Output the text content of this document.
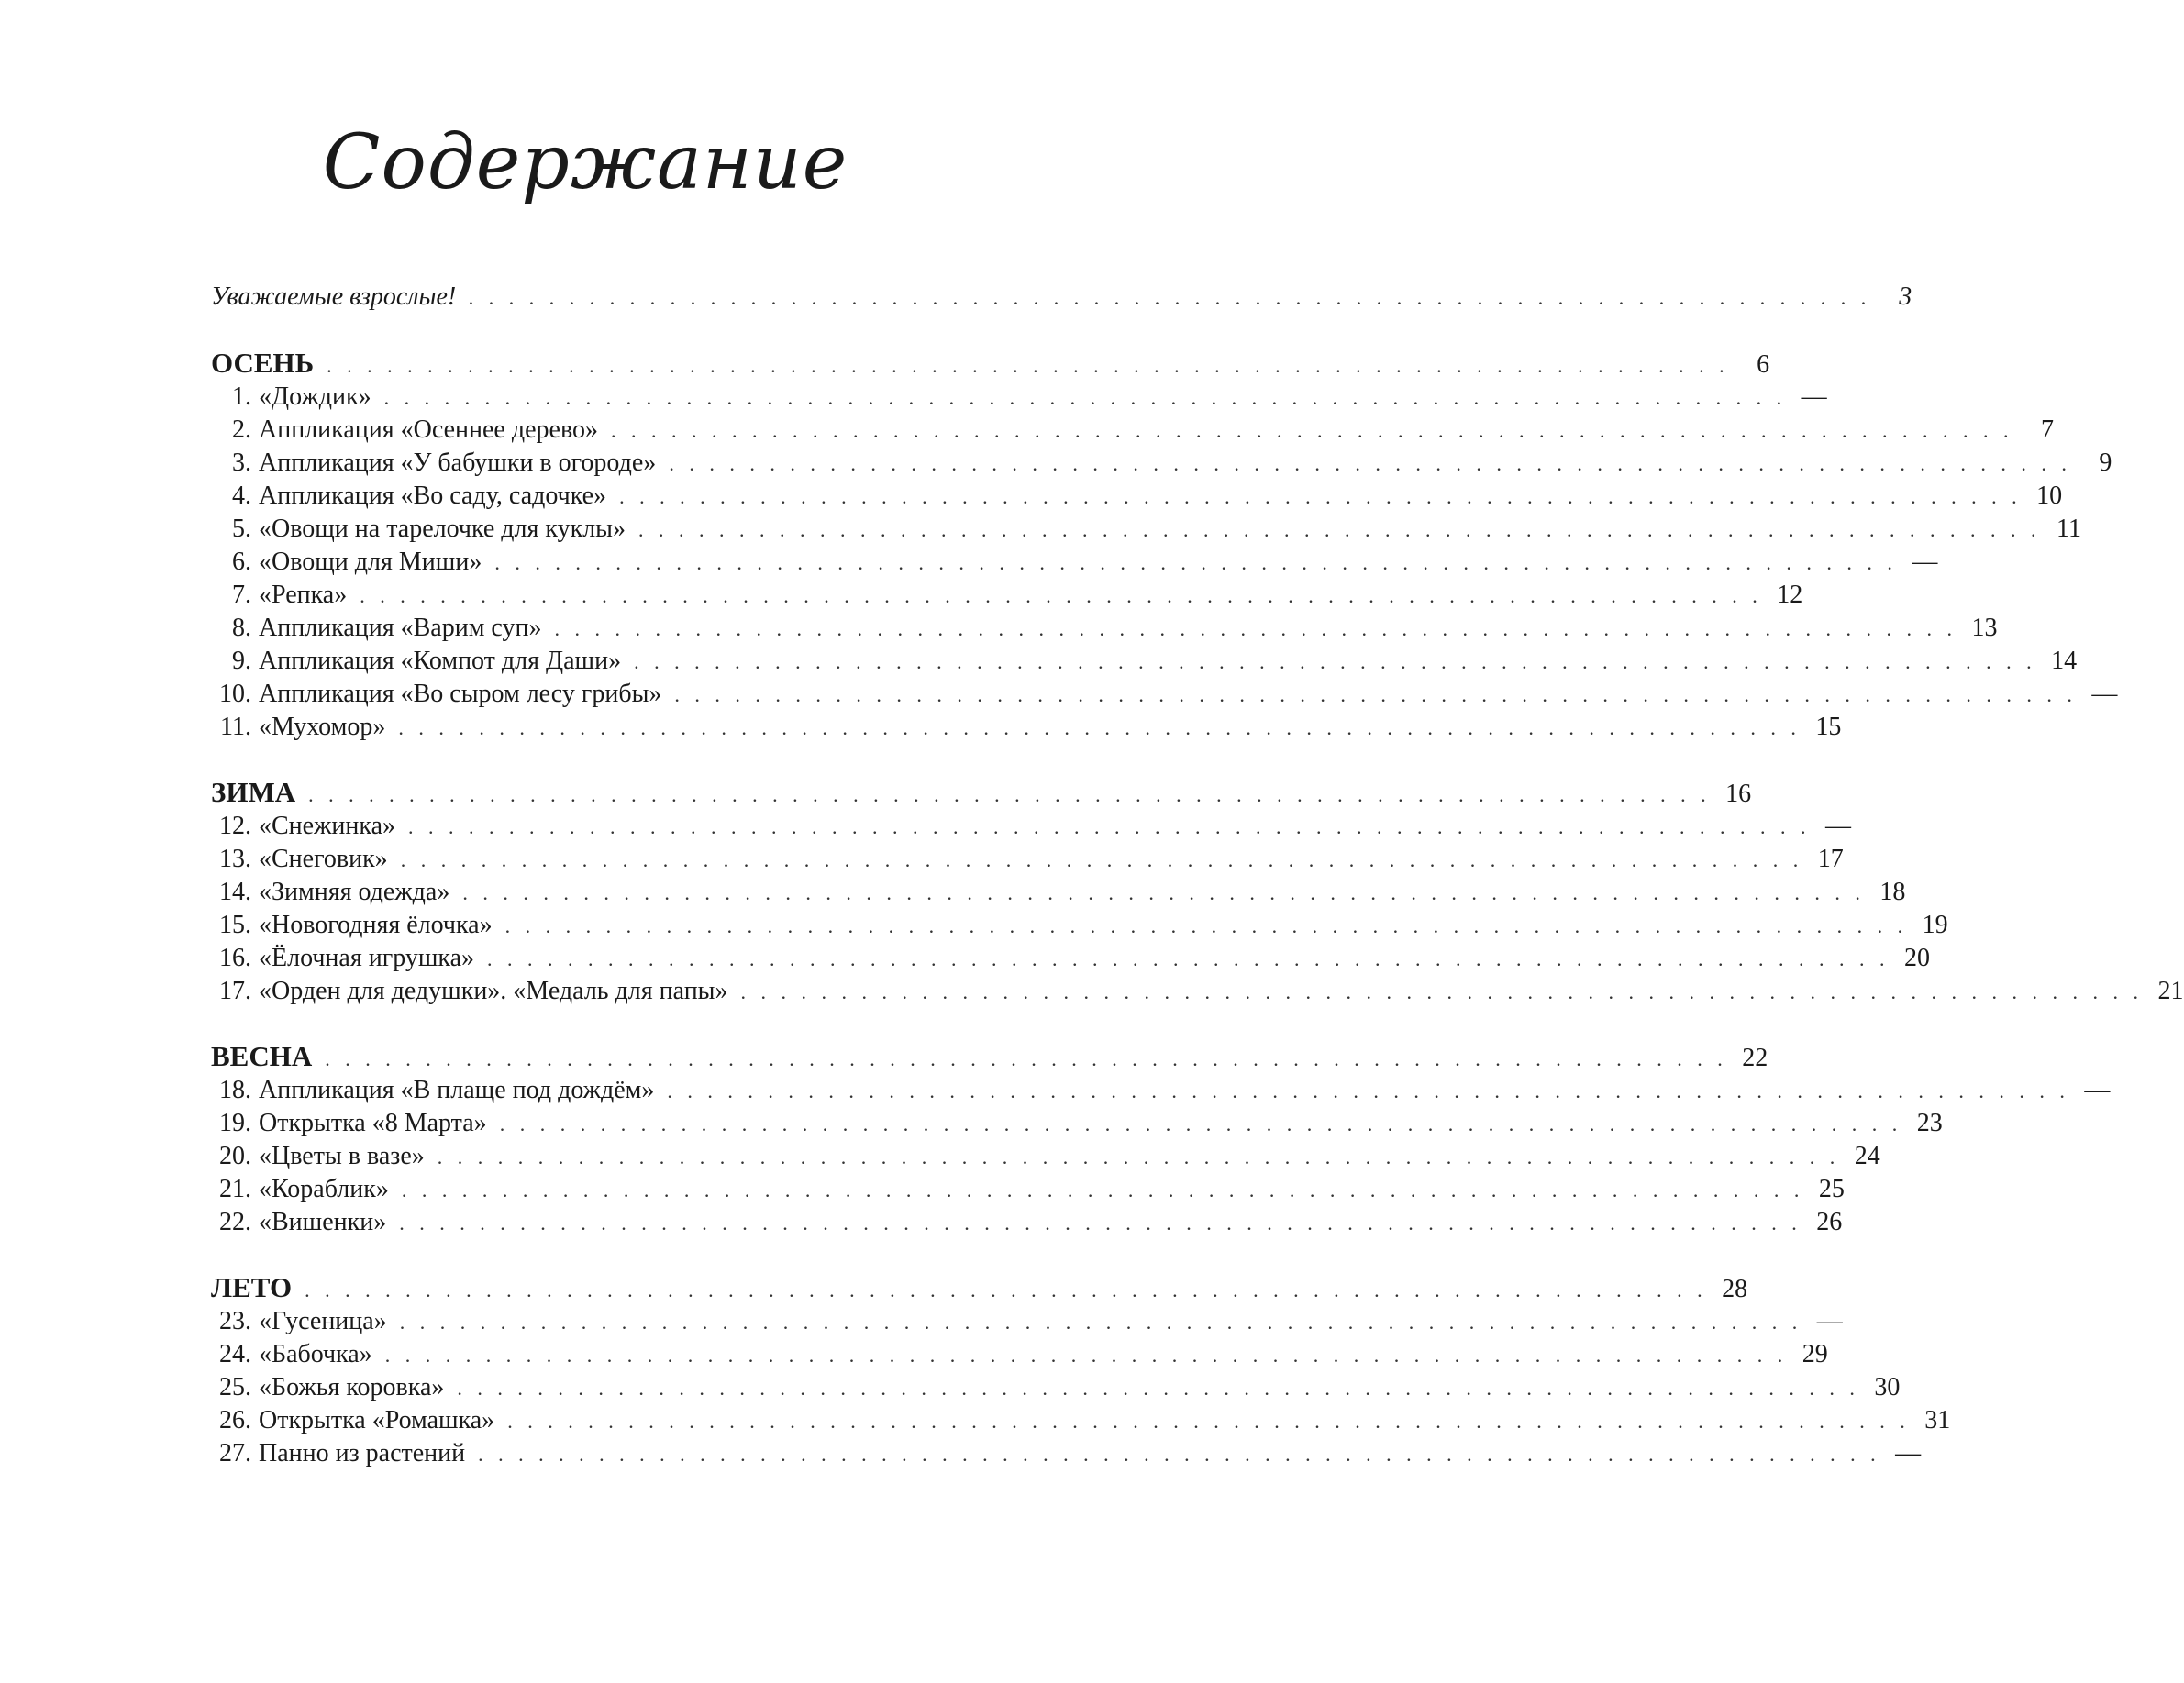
Содержание
Уважаемые взрослые! . . . . . . . . . . . . . . . . . . . . . . . . . . . . . . . . . . . . . . . . . . . . . . . . . . . . . . . . . . . . . . . . . . . . . .	3
ОСЕНЬ . . . . . . . . . . . . . . . . . . . . . . . . . . . . . . . . . . . . . . . . . . . . . . . . . . . . . . . . . . . . . . . . . . . . . .	6
1. «Дождик» . . . . . . . . . . . . . . . . . . . . . . . . . . . . . . . . . . . . . . . . . . . . . . . . . . . . . . . . . . . . . . . . . . . . . . —
2. Аппликация «Осеннее дерево» . . . . . . . . . . . . . . . . . . . . . . . . . . . . . . . . . . . . . . . . . . . . . . . . . . . . . . . . . . . . . . . . . . . . . .	7
3. Аппликация «У бабушки в огороде» . . . . . . . . . . . . . . . . . . . . . . . . . . . . . . . . . . . . . . . . . . . . . . . . . . . . . . . . . . . . . . . . . . . . . .	9
4. Аппликация «Во саду, садочке» . . . . . . . . . . . . . . . . . . . . . . . . . . . . . . . . . . . . . . . . . . . . . . . . . . . . . . . . . . . . . . . . . . . . . . 10
5. «Овощи на тарелочке для куклы» . . . . . . . . . . . . . . . . . . . . . . . . . . . . . . . . . . . . . . . . . . . . . . . . . . . . . . . . . . . . . . . . . . . . . . 11
6. «Овощи для Миши» . . . . . . . . . . . . . . . . . . . . . . . . . . . . . . . . . . . . . . . . . . . . . . . . . . . . . . . . . . . . . . . . . . . . . . —
7. «Репка» . . . . . . . . . . . . . . . . . . . . . . . . . . . . . . . . . . . . . . . . . . . . . . . . . . . . . . . . . . . . . . . . . . . . . . 12
8. Аппликация «Варим суп» . . . . . . . . . . . . . . . . . . . . . . . . . . . . . . . . . . . . . . . . . . . . . . . . . . . . . . . . . . . . . . . . . . . . . . 13
9. Аппликация «Компот для Даши» . . . . . . . . . . . . . . . . . . . . . . . . . . . . . . . . . . . . . . . . . . . . . . . . . . . . . . . . . . . . . . . . . . . . . . 14
10. Аппликация «Во сыром лесу грибы» . . . . . . . . . . . . . . . . . . . . . . . . . . . . . . . . . . . . . . . . . . . . . . . . . . . . . . . . . . . . . . . . . . . . . . —
11. «Мухомор» . . . . . . . . . . . . . . . . . . . . . . . . . . . . . . . . . . . . . . . . . . . . . . . . . . . . . . . . . . . . . . . . . . . . . . 15
ЗИМА . . . . . . . . . . . . . . . . . . . . . . . . . . . . . . . . . . . . . . . . . . . . . . . . . . . . . . . . . . . . . . . . . . . . . . 16
12. «Снежинка» . . . . . . . . . . . . . . . . . . . . . . . . . . . . . . . . . . . . . . . . . . . . . . . . . . . . . . . . . . . . . . . . . . . . . . —
13. «Снеговик» . . . . . . . . . . . . . . . . . . . . . . . . . . . . . . . . . . . . . . . . . . . . . . . . . . . . . . . . . . . . . . . . . . . . . . 17
14. «Зимняя одежда» . . . . . . . . . . . . . . . . . . . . . . . . . . . . . . . . . . . . . . . . . . . . . . . . . . . . . . . . . . . . . . . . . . . . . . 18
15. «Новогодняя ёлочка» . . . . . . . . . . . . . . . . . . . . . . . . . . . . . . . . . . . . . . . . . . . . . . . . . . . . . . . . . . . . . . . . . . . . . . 19
16. «Ёлочная игрушка» . . . . . . . . . . . . . . . . . . . . . . . . . . . . . . . . . . . . . . . . . . . . . . . . . . . . . . . . . . . . . . . . . . . . . . 20
17. «Орден для дедушки». «Медаль для папы» . . . . . . . . . . . . . . . . . . . . . . . . . . . . . . . . . . . . . . . . . . . . . . . . . . . . . . . . . . . . . . . . . . . . . . 21
ВЕСНА . . . . . . . . . . . . . . . . . . . . . . . . . . . . . . . . . . . . . . . . . . . . . . . . . . . . . . . . . . . . . . . . . . . . . . 22
18. Аппликация «В плаще под дождём» . . . . . . . . . . . . . . . . . . . . . . . . . . . . . . . . . . . . . . . . . . . . . . . . . . . . . . . . . . . . . . . . . . . . . . —
19. Открытка «8 Марта» . . . . . . . . . . . . . . . . . . . . . . . . . . . . . . . . . . . . . . . . . . . . . . . . . . . . . . . . . . . . . . . . . . . . . . 23
20. «Цветы в вазе» . . . . . . . . . . . . . . . . . . . . . . . . . . . . . . . . . . . . . . . . . . . . . . . . . . . . . . . . . . . . . . . . . . . . . . 24
21. «Кораблик» . . . . . . . . . . . . . . . . . . . . . . . . . . . . . . . . . . . . . . . . . . . . . . . . . . . . . . . . . . . . . . . . . . . . . . 25
22. «Вишенки» . . . . . . . . . . . . . . . . . . . . . . . . . . . . . . . . . . . . . . . . . . . . . . . . . . . . . . . . . . . . . . . . . . . . . . 26
ЛЕТО . . . . . . . . . . . . . . . . . . . . . . . . . . . . . . . . . . . . . . . . . . . . . . . . . . . . . . . . . . . . . . . . . . . . . . 28
23. «Гусеница» . . . . . . . . . . . . . . . . . . . . . . . . . . . . . . . . . . . . . . . . . . . . . . . . . . . . . . . . . . . . . . . . . . . . . . —
24. «Бабочка» . . . . . . . . . . . . . . . . . . . . . . . . . . . . . . . . . . . . . . . . . . . . . . . . . . . . . . . . . . . . . . . . . . . . . . 29
25. «Божья коровка» . . . . . . . . . . . . . . . . . . . . . . . . . . . . . . . . . . . . . . . . . . . . . . . . . . . . . . . . . . . . . . . . . . . . . . 30
26. Открытка «Ромашка» . . . . . . . . . . . . . . . . . . . . . . . . . . . . . . . . . . . . . . . . . . . . . . . . . . . . . . . . . . . . . . . . . . . . . . 31
27. Панно из растений . . . . . . . . . . . . . . . . . . . . . . . . . . . . . . . . . . . . . . . . . . . . . . . . . . . . . . . . . . . . . . . . . . . . . . —
